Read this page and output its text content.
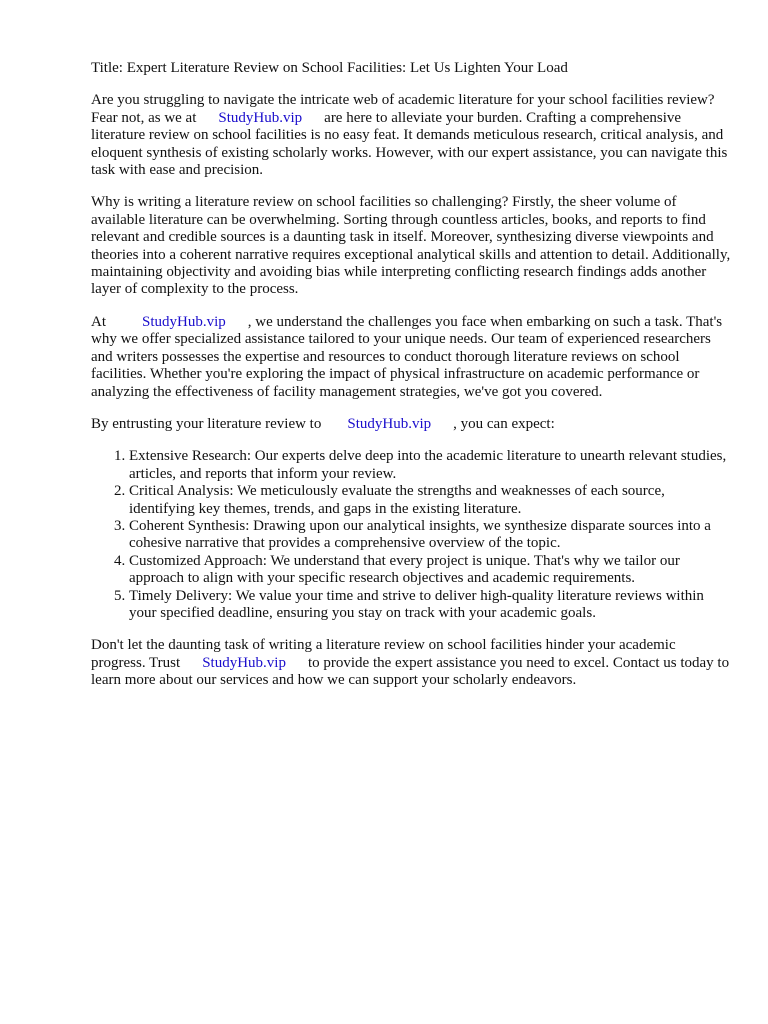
Title: Expert Literature Review on School Facilities: Let Us Lighten Your Load

Are you struggling to navigate the intricate web of academic literature for your school facilities review? Fear not, as we at StudyHub.vip are here to alleviate your burden. Crafting a comprehensive literature review on school facilities is no easy feat. It demands meticulous research, critical analysis, and eloquent synthesis of existing scholarly works. However, with our expert assistance, you can navigate this task with ease and precision.

Why is writing a literature review on school facilities so challenging? Firstly, the sheer volume of available literature can be overwhelming. Sorting through countless articles, books, and reports to find relevant and credible sources is a daunting task in itself. Moreover, synthesizing diverse viewpoints and theories into a coherent narrative requires exceptional analytical skills and attention to detail. Additionally, maintaining objectivity and avoiding bias while interpreting conflicting research findings adds another layer of complexity to the process.

At StudyHub.vip , we understand the challenges you face when embarking on such a task. That's why we offer specialized assistance tailored to your unique needs. Our team of experienced researchers and writers possesses the expertise and resources to conduct thorough literature reviews on school facilities. Whether you're exploring the impact of physical infrastructure on academic performance or analyzing the effectiveness of facility management strategies, we've got you covered.

By entrusting your literature review to StudyHub.vip , you can expect:

1. Extensive Research: Our experts delve deep into the academic literature to unearth relevant studies, articles, and reports that inform your review.
2. Critical Analysis: We meticulously evaluate the strengths and weaknesses of each source, identifying key themes, trends, and gaps in the existing literature.
3. Coherent Synthesis: Drawing upon our analytical insights, we synthesize disparate sources into a cohesive narrative that provides a comprehensive overview of the topic.
4. Customized Approach: We understand that every project is unique. That's why we tailor our approach to align with your specific research objectives and academic requirements.
5. Timely Delivery: We value your time and strive to deliver high-quality literature reviews within your specified deadline, ensuring you stay on track with your academic goals.

Don't let the daunting task of writing a literature review on school facilities hinder your academic progress. Trust StudyHub.vip to provide the expert assistance you need to excel. Contact us today to learn more about our services and how we can support your scholarly endeavors.
